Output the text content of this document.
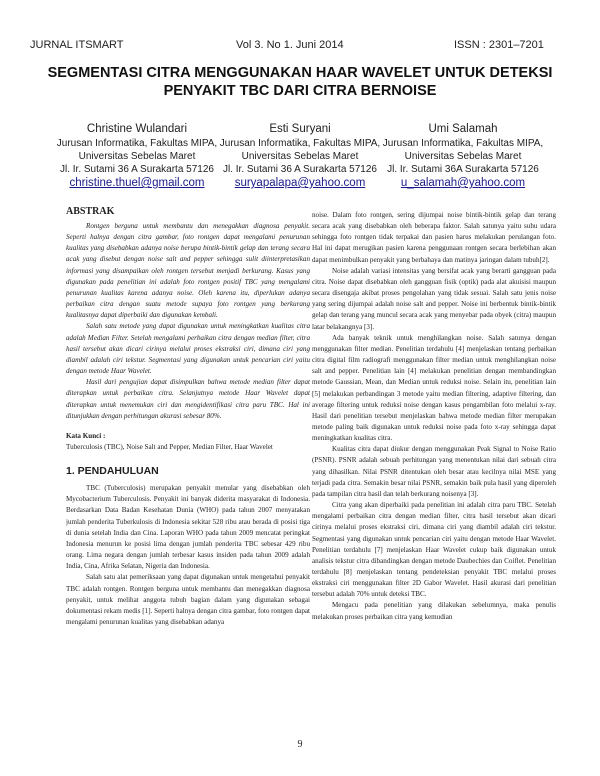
JURNAL ITSMART	Vol 3. No 1. Juni 2014	ISSN : 2301–7201
SEGMENTASI CITRA MENGGUNAKAN HAAR WAVELET UNTUK DETEKSI PENYAKIT TBC DARI CITRA BERNOISE
Christine Wulandari
Jurusan Informatika, Fakultas MIPA, Universitas Sebelas Maret
Jl. Ir. Sutami 36 A Surakarta 57126
christine.thuel@gmail.com
Esti Suryani
Jurusan Informatika, Fakultas MIPA, Universitas Sebelas Maret
Jl. Ir. Sutami 36 A Surakarta 57126
suryapalapa@yahoo.com
Umi Salamah
Jurusan Informatika, Fakultas MIPA, Universitas Sebelas Maret
Jl. Ir. Sutami 36A Surakarta 57126
u_salamah@yahoo.com

ABSTRAK

Rontgen berguna untuk membantu dan menegakkan diagnosa penyakit. Seperti halnya dengan citra gambar, foto rontgen dapat mengalami penurunan kualitas yang disebabkan adanya noise berupa bintik-bintik gelap dan terang secara acak yang disebut dengan noise salt and pepper sehingga sulit diinterpretasikan informasi yang disampaikan oleh rontgen tersebut menjadi berkurang. Kasus yang digunakan pada penelitian ini adalah foto rontgen positif TBC yang mengalami penurunan kualitas karena adanya noise. Oleh karena itu, diperlukan adanya perbaikan citra dengan suatu metode supaya foto rontgen yang berkurang kualitasnya dapat diperbaiki dan digunakan kembali.

Salah satu metode yang dapat digunakan untuk meningkatkan kualitas citra adalah Median Filter. Setelah mengalami perbaikan citra dengan median filter, citra hasil tersebut akan dicari cirinya melalui proses ekstraksi ciri, dimana ciri yang diambil adalah ciri tekstur. Segmentasi yang digunakan untuk pencarian ciri yaitu dengan metode Haar Wavelet.

Hasil dari pengujian dapat disimpulkan bahwa metode median filter dapat diterapkan untuk perbaikan citra. Selanjutnya metode Haar Wavelet dapat diterapkan untuk menemukan ciri dan mengidentifikasi citra paru TBC. Hal ini ditunjukkan dengan perhitungan akurasi sebesar 80%.

Kata Kunci :

Tuberculosis (TBC), Noise Salt and Pepper, Median Filter, Haar Wavelet

1. PENDAHULUAN

TBC (Tuberculosis) merupakan penyakit menular yang disebabkan oleh Mycobacterium Tuberculosis. Penyakit ini banyak diderita masyarakat di Indonesia. Berdasarkan Data Badan Kesehatan Dunia (WHO) pada tahun 2007 menyatakan jumlah penderita Tuberkulosis di Indonesia sekitar 528 ribu atau berada di posisi tiga di dunia setelah India dan Cina. Laporan WHO pada tahun 2009 mencatat peringkat Indonesia menurun ke posisi lima dengan jumlah penderita TBC sebesar 429 ribu orang. Lima negara dengan jumlah terbesar kasus insiden pada tahun 2009 adalah India, Cina, Afrika Selatan, Nigeria dan Indonesia.

Salah satu alat pemeriksaan yang dapat digunakan untuk mengetahui penyakit TBC adalah rontgen. Rontgen berguna untuk membantu dan menegakkan diagnosa penyakit, untuk melihat anggota tubuh bagian dalam yang digunakan sebagai dokumentasi rekam medis [1]. Seperti halnya dengan citra gambar, foto rontgen dapat mengalami penurunan kualitas yang disebabkan adanya

noise. Dalam foto rontgen, sering dijumpai noise bintik-bintik gelap dan terang secara acak yang disebabkan oleh beberapa faktor. Salah satunya yaitu suhu udara sehingga foto rontgen tidak terpakai dan pasien harus melakukan perulangan foto. Hal ini dapat merugikan pasien karena penggunaan rontgen secara berlebihan akan dapat menimbulkan penyakit yang berbahaya dan matinya jaringan dalam tubuh[2].

Noise adalah variasi intensitas yang bersifat acak yang berarti gangguan pada citra. Noise dapat disebabkan oleh gangguan fisik (optik) pada alat akuisisi maupun secara disengaja akibat proses pengolahan yang tidak sesuai. Salah satu jenis noise yang sering dijumpai adalah noise salt and pepper. Noise ini berbentuk bintik-bintik gelap dan terang yang muncul secara acak yang menyebar pada obyek (citra) maupun latar belakangnya [3].

Ada banyak teknik untuk menghilangkan noise. Salah satunya dengan menggunakan filter median. Penelitian terdahulu [4] menjelaskan tentang perbaikan citra digital film radiografi menggunakan filter median untuk menghilangkan noise salt and pepper. Penelitian lain [4] melakukan penelitian dengan membandingkan metode Gaussian, Mean, dan Median untuk reduksi noise. Selain itu, penelitian lain [5] melakukan perbandingan 3 metode yaitu median filtering, adaptive filtering, dan average filtering untuk reduksi noise dengan kasus pengambilan foto melalui x-ray. Hasil dari penelitian tersebut menjelaskan bahwa metode median filter merupakan metode paling baik digunakan untuk reduksi noise pada foto x-ray sehingga dapat meningkatkan kualitas citra.

Kualitas citra dapat diukur dengan menggunakan Peak Signal to Noise Ratio (PSNR). PSNR adalah sebuah perhitungan yang menentukan nilai dari sebuah citra yang dihasilkan. Nilai PSNR ditentukan oleh besar atau kecilnya nilai MSE yang terjadi pada citra. Semakin besar nilai PSNR, semakin baik pula hasil yang diperoleh pada tampilan citra hasil dan telah berkurang noisenya [3].

Citra yang akan diperbaiki pada penelitian ini adalah citra paru TBC. Setelah mengalami perbaikan citra dengan median filter, citra hasil tersebut akan dicari cirinya melalui proses ekstraksi ciri, dimana ciri yang diambil adalah ciri tekstur. Segmentasi yang digunakan untuk pencarian ciri yaitu dengan metode Haar Wavelet. Penelitian terdahulu [7] menjelaskan Haar Wavelet cukup baik digunakan untuk analisis tekstur citra dibandingkan dengan metode Daubechies dan Coiflet. Penelitian terdahulu [8] menjelaskan tentang pendeteksian penyakit TBC melalui proses ekstraksi ciri menggunakan filter 2D Gabor Wavelet. Hasil akurasi dari penelitian tersebut adalah 70% untuk deteksi TBC.

Mengacu pada penelitian yang dilakukan sebelumnya, maka penulis melakukan proses perbaikan citra yang kemudian

9
